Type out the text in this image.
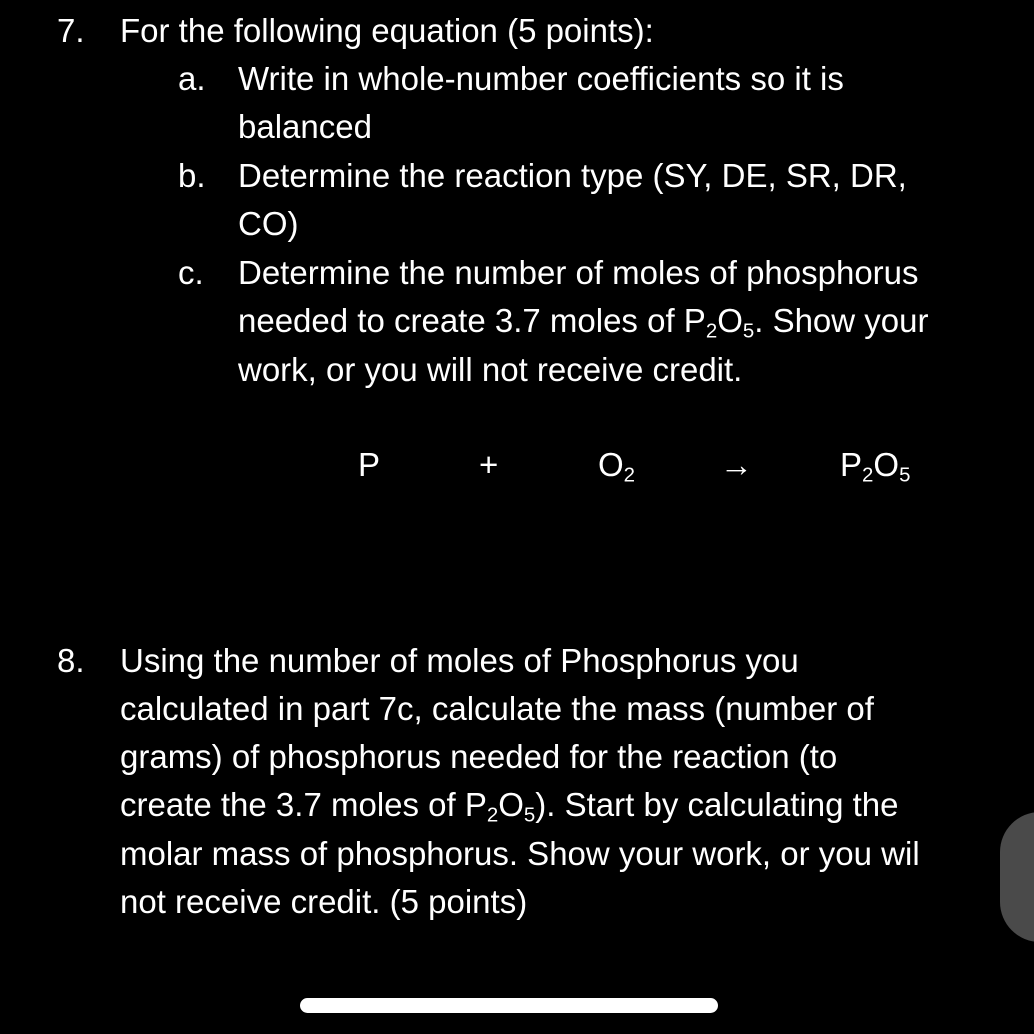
7. For the following equation (5 points):
a. Write in whole-number coefficients so it is
balanced
b. Determine the reaction type (SY, DE, SR, DR,
CO)
c. Determine the number of moles of phosphorus
needed to create 3.7 moles of $P_2O_5$. Show your
work, or you will not receive credit.
P	+	$O_2$	→	$P_2O_5$
8. Using the number of moles of Phosphorus you
calculated in part 7c, calculate the mass (number of
grams) of phosphorus needed for the reaction (to
create the 3.7 moles of $P_2O_5$). Start by calculating the
molar mass of phosphorus. Show your work, or you wil
not receive credit. (5 points)
